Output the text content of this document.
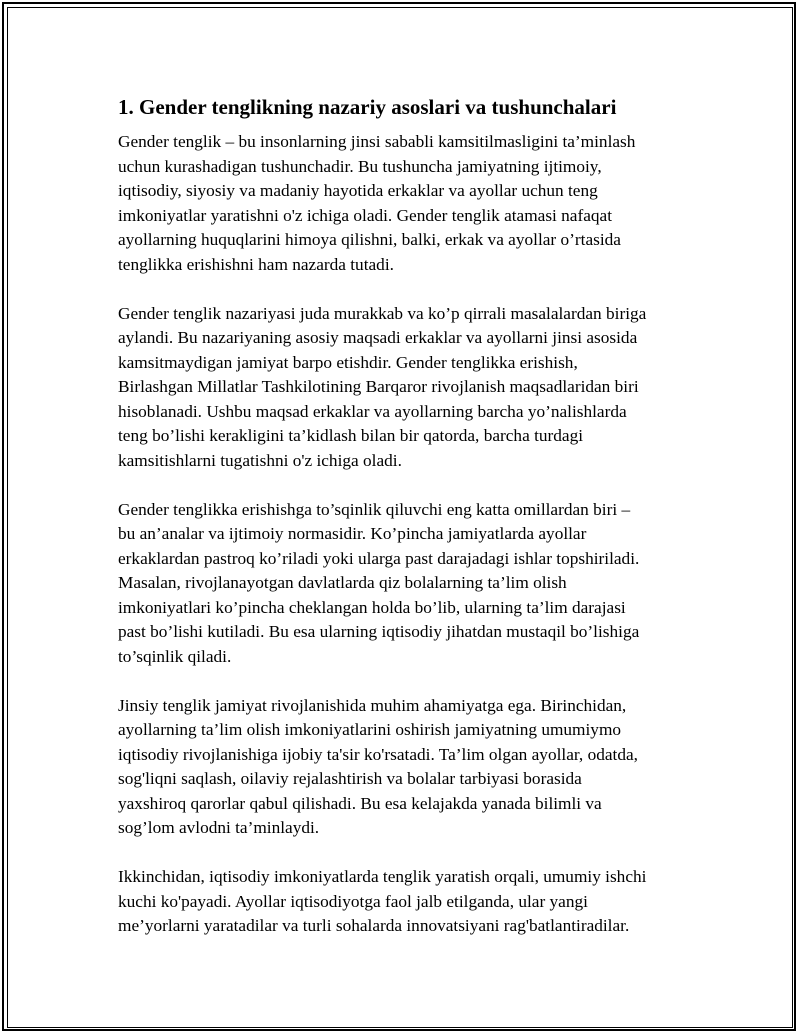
1. Gender tenglikning nazariy asoslari va tushunchalari
Gender tenglik – bu insonlarning jinsi sababli kamsitilmasligini ta’minlash
uchun kurashadigan tushunchadir. Bu tushuncha jamiyatning ijtimoiy,
iqtisodiy, siyosiy va madaniy hayotida erkaklar va ayollar uchun teng
imkoniyatlar yaratishni o'z ichiga oladi. Gender tenglik atamasi nafaqat
ayollarning huquqlarini himoya qilishni, balki, erkak va ayollar o’rtasida
tenglikka erishishni ham nazarda tutadi.
Gender tenglik nazariyasi juda murakkab va ko’p qirrali masalalardan biriga
aylandi. Bu nazariyaning asosiy maqsadi erkaklar va ayollarni jinsi asosida
kamsitmaydigan jamiyat barpo etishdir. Gender tenglikka erishish,
Birlashgan Millatlar Tashkilotining Barqaror rivojlanish maqsadlaridan biri
hisoblanadi. Ushbu maqsad erkaklar va ayollarning barcha yo’nalishlarda
teng bo’lishi kerakligini ta’kidlash bilan bir qatorda, barcha turdagi
kamsitishlarni tugatishni o'z ichiga oladi.
Gender tenglikka erishishga to’sqinlik qiluvchi eng katta omillardan biri –
bu an’analar va ijtimoiy normasidir. Ko’pincha jamiyatlarda ayollar
erkaklardan pastroq ko’riladi yoki ularga past darajadagi ishlar topshiriladi.
Masalan, rivojlanayotgan davlatlarda qiz bolalarning ta’lim olish
imkoniyatlari ko’pincha cheklangan holda bo’lib, ularning ta’lim darajasi
past bo’lishi kutiladi. Bu esa ularning iqtisodiy jihatdan mustaqil bo’lishiga
to’sqinlik qiladi.
Jinsiy tenglik jamiyat rivojlanishida muhim ahamiyatga ega. Birinchidan,
ayollarning ta’lim olish imkoniyatlarini oshirish jamiyatning umumiymo
iqtisodiy rivojlanishiga ijobiy ta'sir ko'rsatadi. Ta’lim olgan ayollar, odatda,
sog'liqni saqlash, oilaviy rejalashtirish va bolalar tarbiyasi borasida
yaxshiroq qarorlar qabul qilishadi. Bu esa kelajakda yanada bilimli va
sog’lom avlodni ta’minlaydi.
Ikkinchidan, iqtisodiy imkoniyatlarda tenglik yaratish orqali, umumiy ishchi
kuchi ko'payadi. Ayollar iqtisodiyotga faol jalb etilganda, ular yangi
me’yorlarni yaratadilar va turli sohalarda innovatsiyani rag'batlantiradilar.
